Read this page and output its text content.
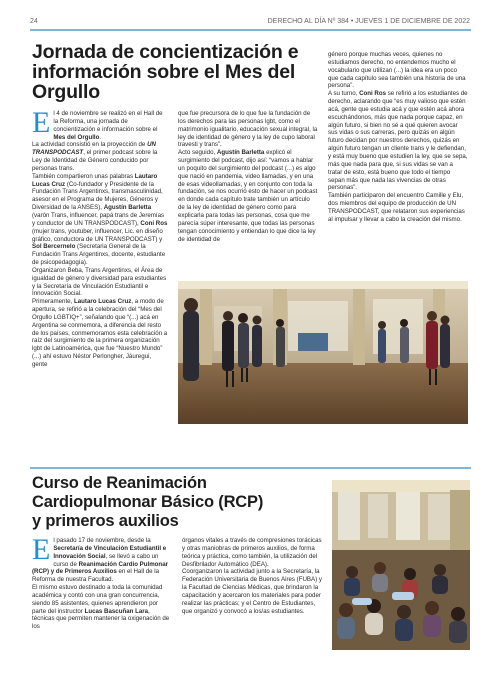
24	DERECHO AL DÍA Nº 384 • JUEVES 1 DE DICIEMBRE DE 2022
Jornada de concientización e
información sobre el Mes del
Orgullo

E l 4 de noviembre se realizó en el Hall de la Reforma, una jornada de concientización e información sobre el Mes del Orgullo.

La actividad consistió en la proyección de UN TRANSPODCAST, el primer podcast sobre la Ley de Identidad de Género conducido por personas trans.

También compartieron unas palabras Lautaro Lucas Cruz (Co-fundador y Presidente de la Fundación Trans Argentinxs, transmasculinidad, asesor en el Programa de Mujeres, Géneros y Diversidad de la ANSES), Agustín Barletta (varón Trans, influencer, papá trans de Jeremías y conductor de UN TRANSPODCAST), Coni Ros (mujer trans, youtuber, influencer, Lic. en diseño gráfico, conductora de UN TRANSPODCAST) y Sol Bercernelo (Secretaria General de la Fundación Trans Argentinxs, docente, estudiante de psicopedagogía).

Organizaron Beba, Trans Argentinxs, el Área de igualdad de género y diversidad para estudiantes y la Secretaría de Vinculación Estudiantil e Innovación Social.

Primeramente, Lautaro Lucas Cruz, a modo de apertura, se refirió a la celebración del “Mes del Orgullo LGBTIQ+”, señalando que “(...) acá en Argentina se conmemora, a diferencia del resto de los países, conmemoramos esta celebración a raíz del surgimiento de la primera organización lgbt de Latinoamérica, que fue “Nuestro Mundo” (...) ahí estuvo Néstor Perlongher, Jáuregui, gente

que fue precursora de lo que fue la fundación de los derechos para las personas lgbt, como el matrimonio igualitario, educación sexual integral, la ley de identidad de género y la ley de cupo laboral travesti y trans”.

Acto seguido, Agustín Barletta explicó el surgimiento del podcast, dijo así: “vamos a hablar un poquito del surgimiento del podcast (...) es algo que nació en pandemia, video llamadas, y en una de esas videollamadas, y en conjunto con toda la fundación, se nos ocurrió esto de hacer un podcast en donde cada capítulo trate también un artículo de la ley de identidad de género como para explicarla para todas las personas, cosa que me parecía súper interesante, que todas las personas tengan conocimiento y entiendan lo que dice la ley de identidad de

género porque muchas veces, quienes no estudiamos derecho, no entendemos mucho el vocabulario que utilizan (...) la idea era un poco que cada capítulo sea también una historia de una persona”.

A su turno, Coni Ros se refirió a los estudiantes de derecho, aclarando que “es muy valioso que estén acá, gente que estudia acá y que estén acá ahora escuchándonos, más que nada porque capaz, en algún futuro, si bien no sé a qué quieren avocar sus vidas o sus carreras, pero quizás en algún futuro decidan por nuestros derechos, quizás en algún futuro tengan un cliente trans y le defiendan, y está muy bueno que estudien la ley, que se sepa, más que nada para que, si sus vidas se van a tratar de esto, está bueno que todo el tiempo sepan más que nada las vivencias de otras personas”.

También participaron del encuentro Camille y Elu, dos miembros del equipo de producción de UN TRANSPODCAST, que relataron sus experiencias al impulsar y llevar a cabo la creación del mismo.

Curso de Reanimación
Cardiopulmonar Básico (RCP)
y primeros auxilios

El pasado 17 de noviembre, desde la Secretaría de Vinculación Estudiantil e Innovación Social, se llevó a cabo un curso de Reanimación Cardio Pulmonar (RCP) y de Primeros Auxilios en el Hall de la Reforma de nuestra Facultad.

El mismo estuvo destinado a toda la comunidad académica y contó con una gran concurrencia, siendo 85 asistentes, quienes aprendieron por parte del instructor Lucas Bascuñan Lara, técnicas que permiten mantener la oxigenación de los

órganos vitales a través de compresiones torácicas y otras maniobras de primeros auxilios, de forma teórica y práctica, como también, la utilización del Desfibrilador Automático (DEA).

Coorganizaron la actividad junto a la Secretaría, la Federación Universitaria de Buenos Aires (FUBA) y la Facultad de Ciencias Médicas, que brindaron la capacitación y acercaron los materiales para poder realizar las prácticas; y el Centro de Estudiantes, que organizó y convocó a los/as estudiantes.
